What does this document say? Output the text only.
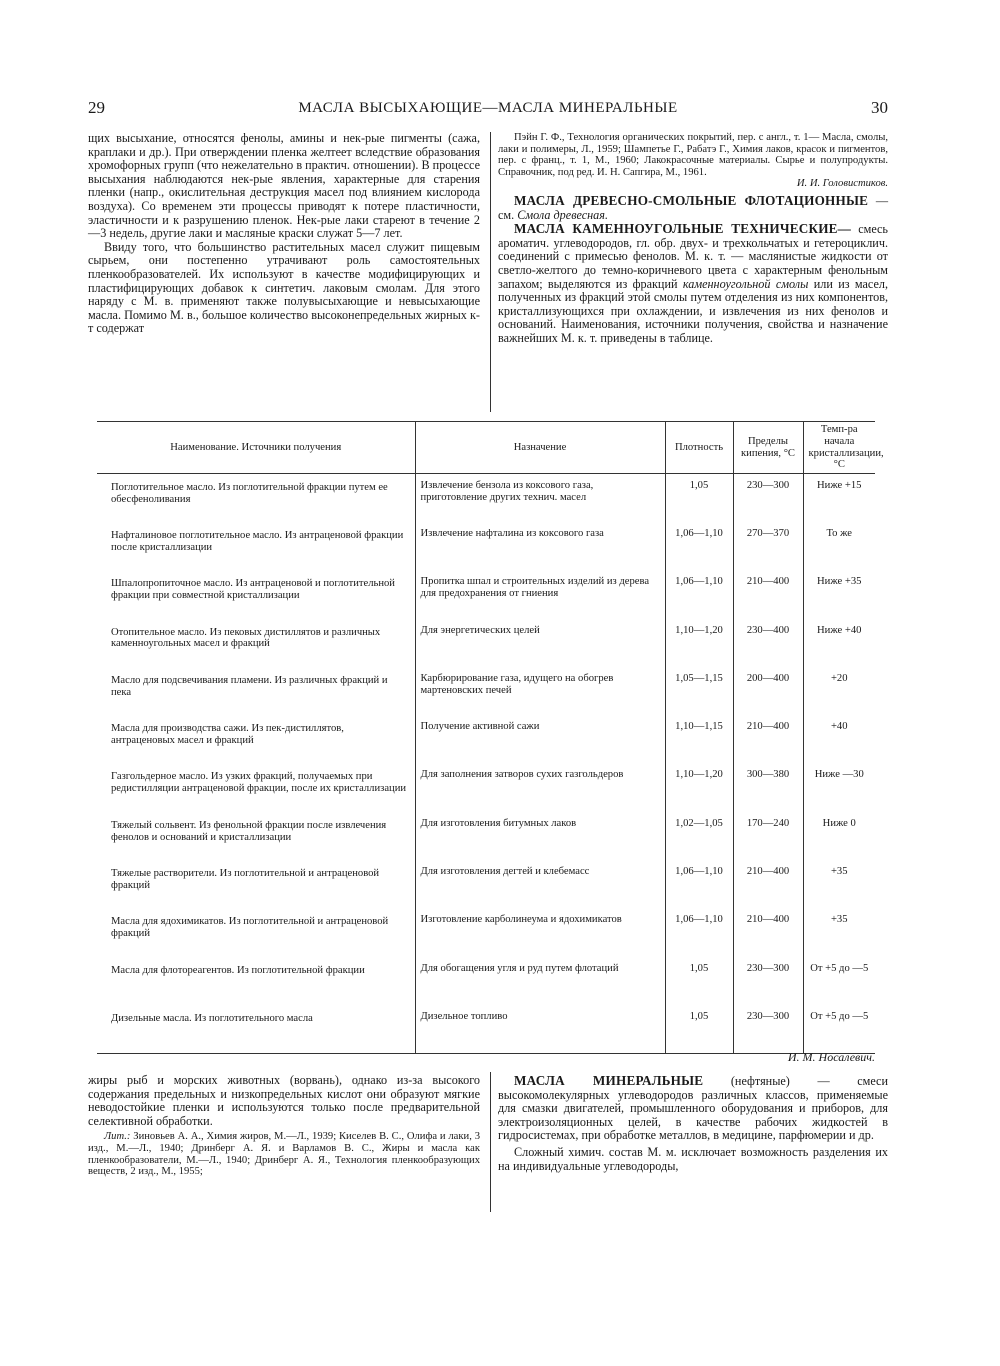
29	МАСЛА ВЫСЫХАЮЩИЕ—МАСЛА МИНЕРАЛЬНЫЕ	30

щих высыхание, относятся фенолы, амины и нек-рые пигменты (сажа, краплаки и др.). При отверждении пленка желтеет вследствие образования хромофорных групп (что нежелательно в практич. отношении). В процессе высыхания наблюдаются нек-рые явления, характерные для старения пленки (напр., окислительная деструкция масел под влиянием кислорода воздуха). Со временем эти процессы приводят к потере пластичности, эластичности и к разрушению пленок. Нек-рые лаки стареют в течение 2—3 недель, другие лаки и масляные краски служат 5—7 лет.

Ввиду того, что большинство растительных масел служит пищевым сырьем, они постепенно утрачивают роль самостоятельных пленкообразователей. Их используют в качестве модифицирующих и пластифицирующих добавок к синтетич. лаковым смолам. Для этого наряду с М. в. применяют также полувысыхающие и невысыхающие масла. Помимо М. в., большое количество высоконепредельных жирных к-т содержат

Пэйн Г. Ф., Технология органических покрытий, пер. с англ., т. 1— Масла, смолы, лаки и полимеры, Л., 1959; Шампетье Г., Рабатэ Г., Химия лаков, красок и пигментов, пер. с франц., т. 1, М., 1960; Лакокрасочные материалы. Сырье и полупродукты. Справочник, под ред. И. Н. Сапгира, М., 1961.

И. И. Головистиков.

МАСЛА ДРЕВЕСНО-СМОЛЬНЫЕ ФЛОТАЦИОННЫЕ — см. Смола древесная.

МАСЛА КАМЕННОУГОЛЬНЫЕ ТЕХНИЧЕСКИЕ— смесь ароматич. углеводородов, гл. обр. двух- и трехкольчатых и гетероциклич. соединений с примесью фенолов. М. к. т. — маслянистые жидкости от светло-желтого до темно-коричневого цвета с характерным фенольным запахом; выделяются из фракций каменноугольной смолы или из масел, полученных из фракций этой смолы путем отделения из них компонентов, кристаллизующихся при охлаждении, и извлечения из них фенолов и оснований. Наименования, источники получения, свойства и назначение важнейших М. к. т. приведены в таблице.

Наименование. Источники получения	Назначение	Плотность	Пределы кипения, °С	Темп-ра начала кристаллизации, °С
Поглотительное масло. Из поглотительной фракции путем ее обесфеноливания	Извлечение бензола из коксового газа, приготовление других технич. масел	1,05	230—300	Ниже +15
Нафталиновое поглотительное масло. Из антраценовой фракции после кристаллизации	Извлечение нафталина из коксового газа	1,06—1,10	270—370	То же
Шпалопропиточное масло. Из антраценовой и поглотительной фракции при совместной кристаллизации	Пропитка шпал и строительных изделий из дерева для предохранения от гниения	1,06—1,10	210—400	Ниже +35
Отопительное масло. Из пековых дистиллятов и различных каменноугольных масел и фракций	Для энергетических целей	1,10—1,20	230—400	Ниже +40
Масло для подсвечивания пламени. Из различных фракций и пека	Карбюрирование газа, идущего на обогрев мартеновских печей	1,05—1,15	200—400	+20
Масла для производства сажи. Из пек-дистиллятов, антраценовых масел и фракций	Получение активной сажи	1,10—1,15	210—400	+40
Газгольдерное масло. Из узких фракций, получаемых при редистилляции антраценовой фракции, после их кристаллизации	Для заполнения затворов сухих газгольдеров	1,10—1,20	300—380	Ниже —30
Тяжелый сольвент. Из фенольной фракции после извлечения фенолов и оснований и кристаллизации	Для изготовления битумных лаков	1,02—1,05	170—240	Ниже 0
Тяжелые растворители. Из поглотительной и антраценовой фракций	Для изготовления дегтей и клебемасс	1,06—1,10	210—400	+35
Масла для ядохимикатов. Из поглотительной и антраценовой фракций	Изготовление карболинеума и ядохимикатов	1,06—1,10	210—400	+35
Масла для флотореагентов. Из поглотительной фракции	Для обогащения угля и руд путем флотаций	1,05	230—300	От +5 до —5
Дизельные масла. Из поглотительного масла	Дизельное топливо	1,05	230—300	От +5 до —5
И. М. Носалевич.

жиры рыб и морских животных (ворвань), однако из-за высокого содержания предельных и низкопредельных кислот они образуют мягкие неводостойкие пленки и используются только после предварительной селективной обработки.

Лит.: Зиновьев А. А., Химия жиров, М.—Л., 1939; Киселев В. С., Олифа и лаки, 3 изд., М.—Л., 1940; Дринберг А. Я. и Варламов В. С., Жиры и масла как пленкообразователи, М.—Л., 1940; Дринберг А. Я., Технология пленкообразующих веществ, 2 изд., М., 1955;

МАСЛА МИНЕРАЛЬНЫЕ (нефтяные) — смеси высокомолекулярных углеводородов различных классов, применяемые для смазки двигателей, промышленного оборудования и приборов, для электроизоляционных целей, в качестве рабочих жидкостей в гидросистемах, при обработке металлов, в медицине, парфюмерии и др.

Сложный химич. состав М. м. исключает возможность разделения их на индивидуальные углеводороды,
